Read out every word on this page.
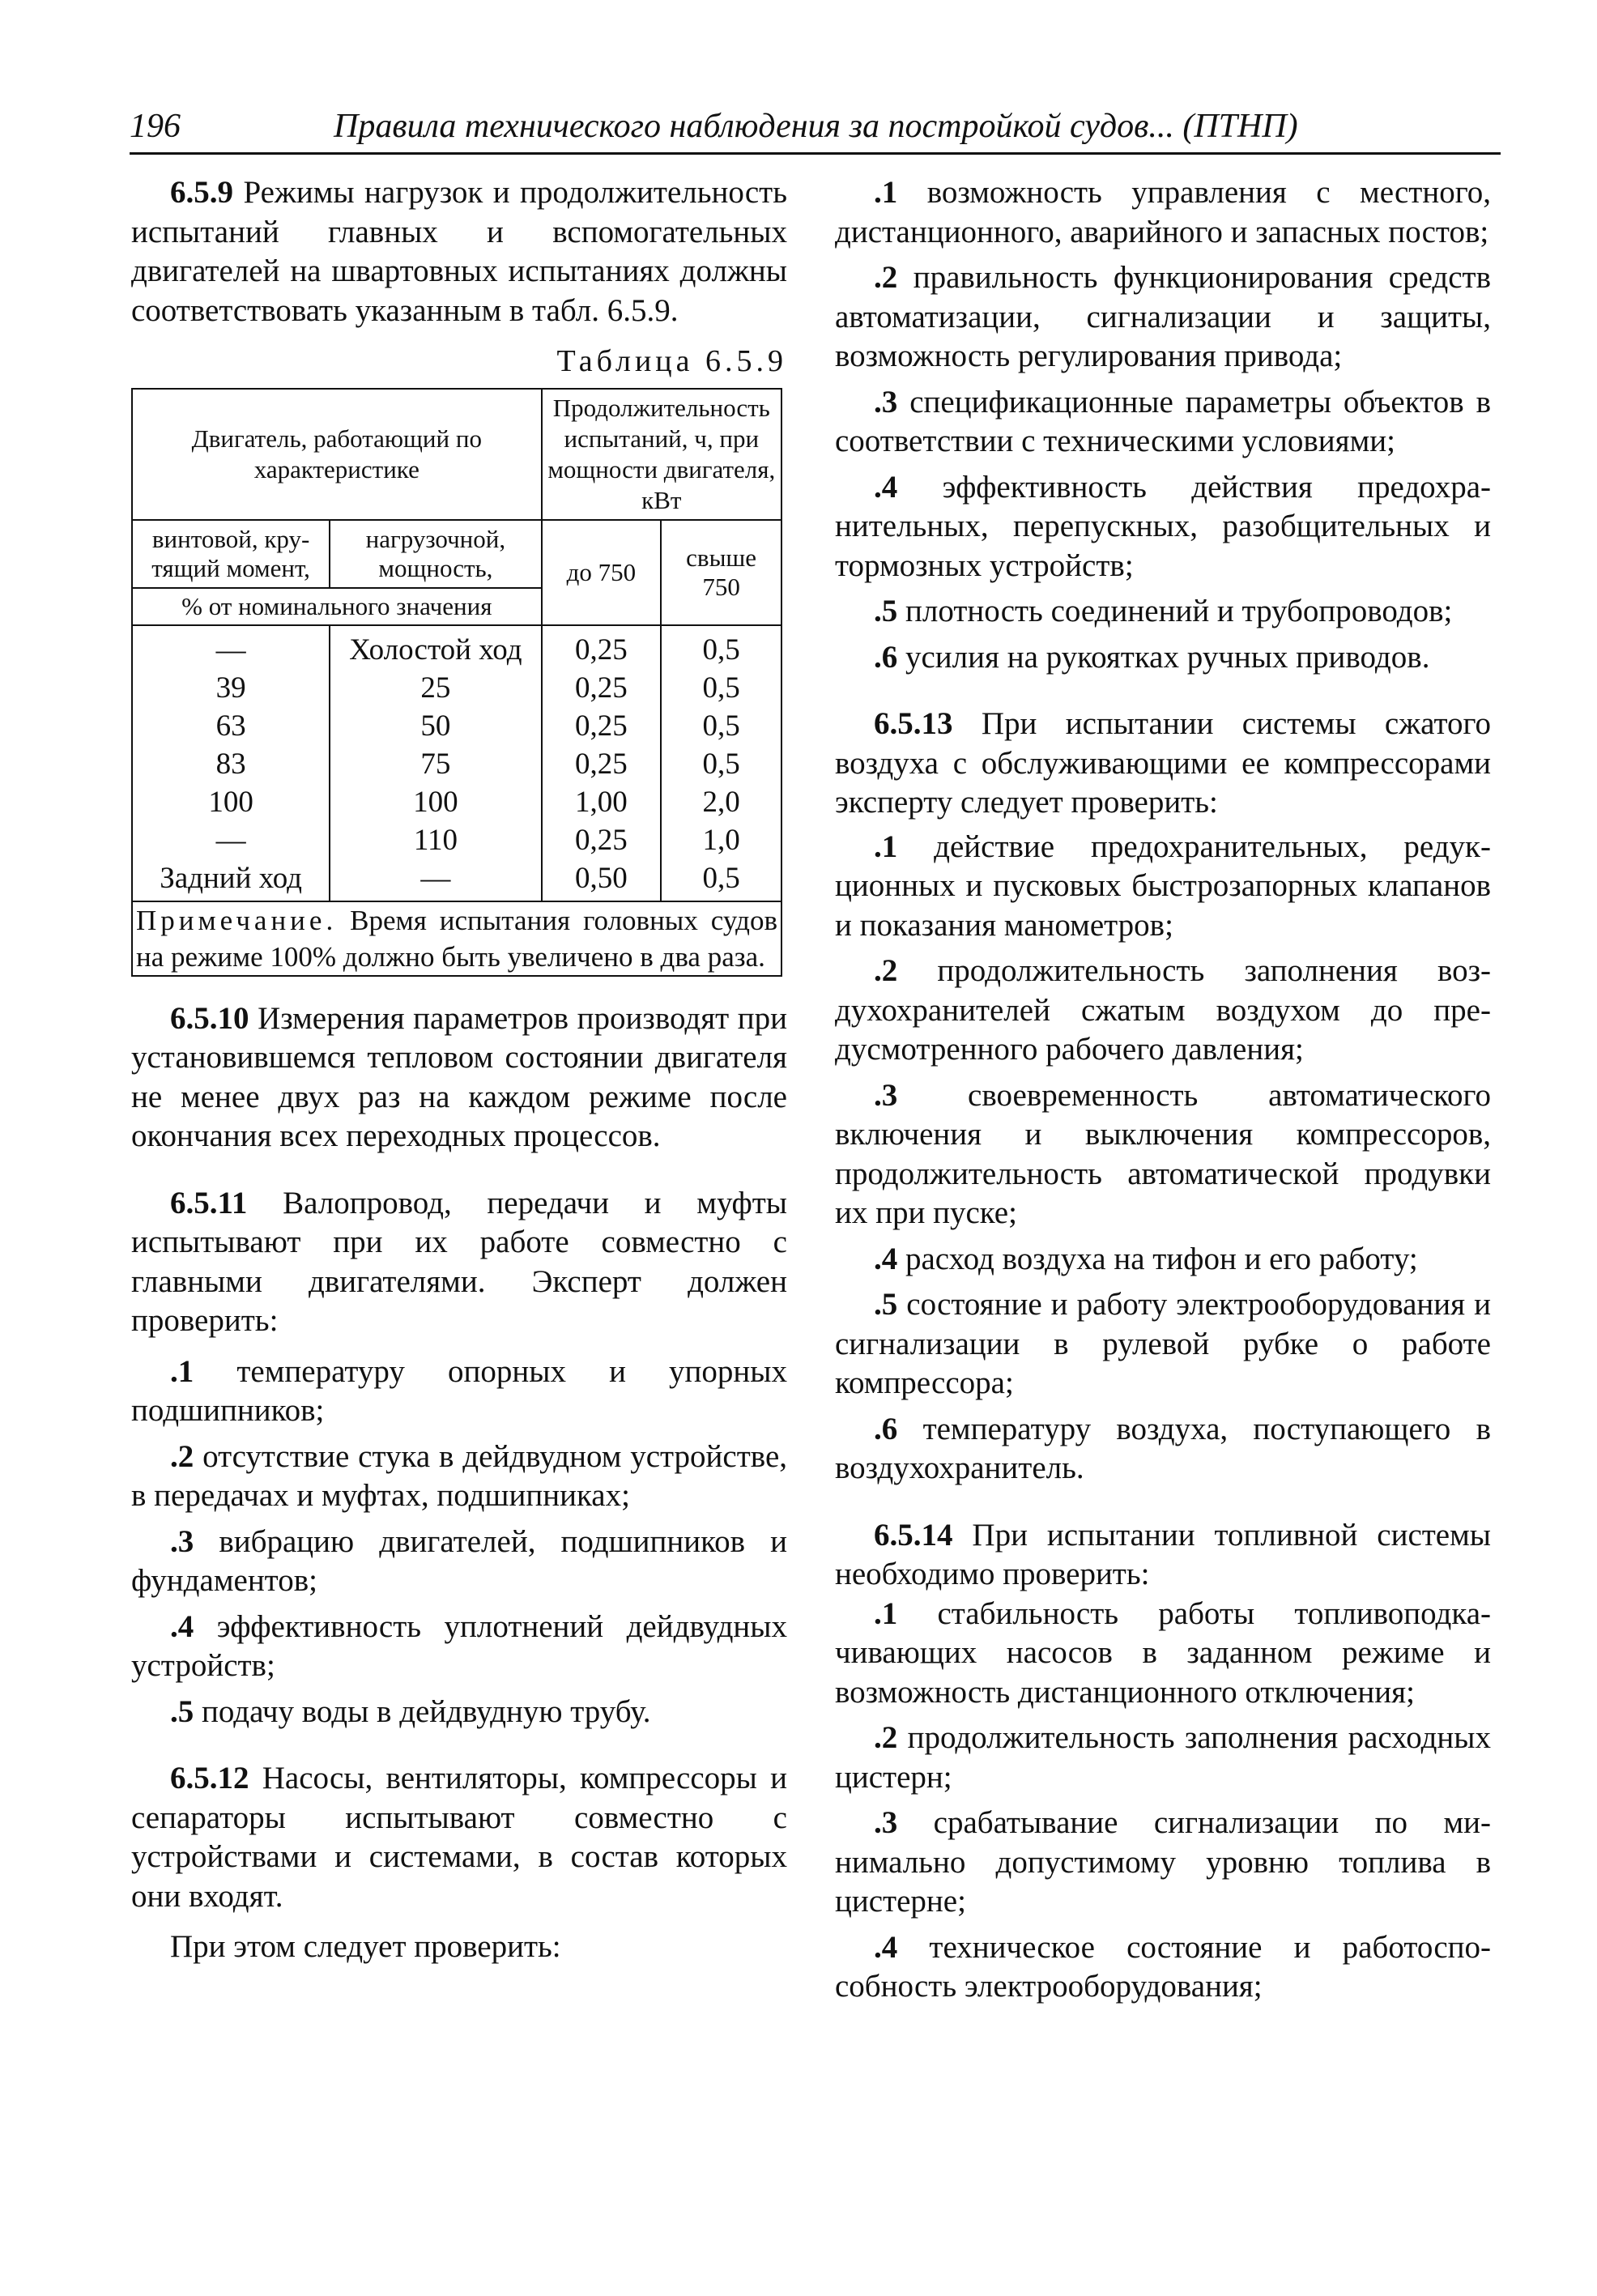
196	Правила технического наблюдения за постройкой судов... (ПТНП)

6.5.9 Режимы нагрузок и продолжительность испытаний главных и вспомогательных двигателей на швартовных испытаниях должны соответствовать указанным в табл. 6.5.9.

Таблица 6.5.9
Двигатель, работающий по характеристике		Продолжительность испытаний, ч, при мощности двигателя, кВт	
винтовой, крутящий момент,	нагрузочной, мощность,	до 750	свыше 750
% от номинального значения			
—	Холостой ход	0,25	0,5
39	25	0,25	0,5
63	50	0,25	0,5
83	75	0,25	0,5
100	100	1,00	2,0
—	110	0,25	1,0
Задний ход	—	0,50	0,5
Примечание. Время испытания головных судов на режиме 100% должно быть увеличено в два раза.			

6.5.10 Измерения параметров производят при установившемся тепловом состоянии двигателя не менее двух раз на каждом режиме после окончания всех переходных процессов.

6.5.11 Валопровод, передачи и муфты испытывают при их работе совместно с главными двигателями. Эксперт должен проверить:

.1 температуру опорных и упорных подшипников;

.2 отсутствие стука в дейдвудном устройстве, в передачах и муфтах, подшипниках;

.3 вибрацию двигателей, подшипников и фундаментов;

.4 эффективность уплотнений дейдвудных устройств;

.5 подачу воды в дейдвудную трубу.

6.5.12 Насосы, вентиляторы, компрессоры и сепараторы испытывают совместно с устройствами и системами, в состав которых они входят.

При этом следует проверить:

.1 возможность управления с местного, дистанционного, аварийного и запасных постов;

.2 правильность функционирования средств автоматизации, сигнализации и защиты, возможность регулирования привода;

.3 спецификационные параметры объектов в соответствии с техническими условиями;

.4 эффективность действия предохранительных, перепускных, разобщительных и тормозных устройств;

.5 плотность соединений и трубопроводов;

.6 усилия на рукоятках ручных приводов.

6.5.13 При испытании системы сжатого воздуха с обслуживающими ее компрессорами эксперту следует проверить:

.1 действие предохранительных, редукционных и пусковых быстрозапорных клапанов и показания манометров;

.2 продолжительность заполнения воздухохранителей сжатым воздухом до предусмотренного рабочего давления;

.3 своевременность автоматического включения и выключения компрессоров, продолжительность автоматической продувки их при пуске;

.4 расход воздуха на тифон и его работу;

.5 состояние и работу электрооборудования и сигнализации в рулевой рубке о работе компрессора;

.6 температуру воздуха, поступающего в воздухохранитель.

6.5.14 При испытании топливной системы необходимо проверить:

.1 стабильность работы топливоподкачивающих насосов в заданном режиме и возможность дистанционного отключения;

.2 продолжительность заполнения расходных цистерн;

.3 срабатывание сигнализации по минимально допустимому уровню топлива в цистерне;

.4 техническое состояние и работоспособность электрооборудования;
